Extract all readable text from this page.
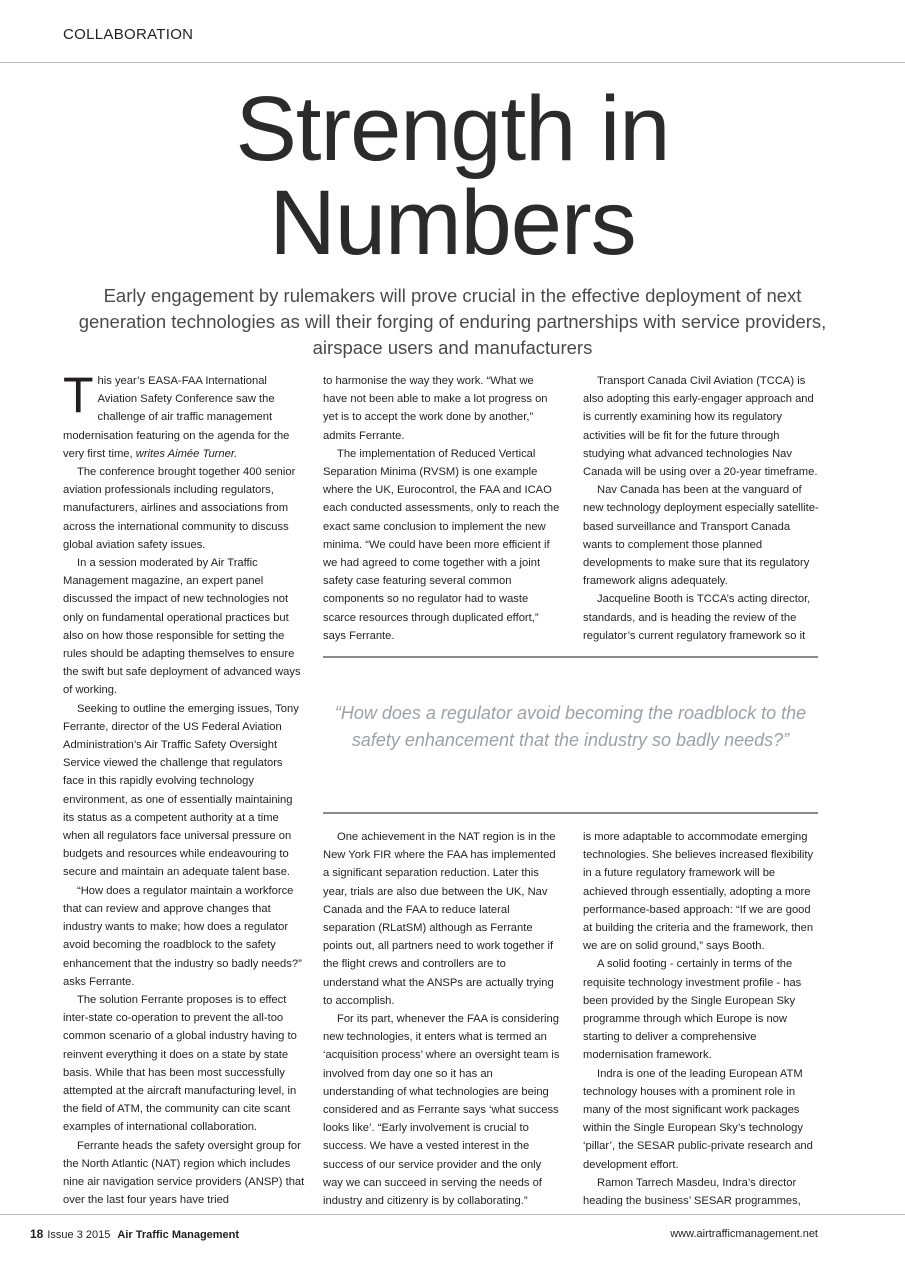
COLLABORATION
Strength in
Numbers
Early engagement by rulemakers will prove crucial in the effective deployment of next generation technologies as will their forging of enduring partnerships with service providers, airspace users and manufacturers

This year’s EASA-FAA International Aviation Safety Conference saw the challenge of air traffic management modernisation featuring on the agenda for the very first time, writes Aimée Turner.

The conference brought together 400 senior aviation professionals including regulators, manufacturers, airlines and associations from across the international community to discuss global aviation safety issues.

In a session moderated by Air Traffic Management magazine, an expert panel discussed the impact of new technologies not only on fundamental operational practices but also on how those responsible for setting the rules should be adapting themselves to ensure the swift but safe deployment of advanced ways of working.

Seeking to outline the emerging issues, Tony Ferrante, director of the US Federal Aviation Administration’s Air Traffic Safety Oversight Service viewed the challenge that regulators face in this rapidly evolving technology environment, as one of essentially maintaining its status as a competent authority at a time when all regulators face universal pressure on budgets and resources while endeavouring to secure and maintain an adequate talent base.

“How does a regulator maintain a workforce that can review and approve changes that industry wants to make; how does a regulator avoid becoming the roadblock to the safety enhancement that the industry so badly needs?” asks Ferrante.

The solution Ferrante proposes is to effect inter-state co-operation to prevent the all-too common scenario of a global industry having to reinvent everything it does on a state by state basis. While that has been most successfully attempted at the aircraft manufacturing level, in the field of ATM, the community can cite scant examples of international collaboration.

Ferrante heads the safety oversight group for the North Atlantic (NAT) region which includes nine air navigation service providers (ANSP) that over the last four years have tried

to harmonise the way they work. “What we have not been able to make a lot progress on yet is to accept the work done by another,” admits Ferrante.

The implementation of Reduced Vertical Separation Minima (RVSM) is one example where the UK, Eurocontrol, the FAA and ICAO each conducted assessments, only to reach the exact same conclusion to implement the new minima. “We could have been more efficient if we had agreed to come together with a joint safety case featuring several common components so no regulator had to waste scarce resources through duplicated effort,” says Ferrante.

Transport Canada Civil Aviation (TCCA) is also adopting this early-engager approach and is currently examining how its regulatory activities will be fit for the future through studying what advanced technologies Nav Canada will be using over a 20-year timeframe.

Nav Canada has been at the vanguard of new technology deployment especially satellite-based surveillance and Transport Canada wants to complement those planned developments to make sure that its regulatory framework aligns adequately.

Jacqueline Booth is TCCA’s acting director, standards, and is heading the review of the regulator’s current regulatory framework so it

“How does a regulator avoid becoming the roadblock to the safety enhancement that the industry so badly needs?”

One achievement in the NAT region is in the New York FIR where the FAA has implemented a significant separation reduction. Later this year, trials are also due between the UK, Nav Canada and the FAA to reduce lateral separation (RLatSM) although as Ferrante points out, all partners need to work together if the flight crews and controllers are to understand what the ANSPs are actually trying to accomplish.

For its part, whenever the FAA is considering new technologies, it enters what is termed an ‘acquisition process’ where an oversight team is involved from day one so it has an understanding of what technologies are being considered and as Ferrante says ‘what success looks like’. “Early involvement is crucial to success. We have a vested interest in the success of our service provider and the only way we can succeed in serving the needs of industry and citizenry is by collaborating.”

is more adaptable to accommodate emerging technologies. She believes increased flexibility in a future regulatory framework will be achieved through essentially, adopting a more performance-based approach: “If we are good at building the criteria and the framework, then we are on solid ground,” says Booth.

A solid footing - certainly in terms of the requisite technology investment profile - has been provided by the Single European Sky programme through which Europe is now starting to deliver a comprehensive modernisation framework.

Indra is one of the leading European ATM technology houses with a prominent role in many of the most significant work packages within the Single European Sky’s technology ‘pillar’, the SESAR public-private research and development effort.

Ramon Tarrech Masdeu, Indra’s director heading the business’ SESAR programmes,

18 Issue 3 2015 Air Traffic Management	www.airtrafficmanagement.net
